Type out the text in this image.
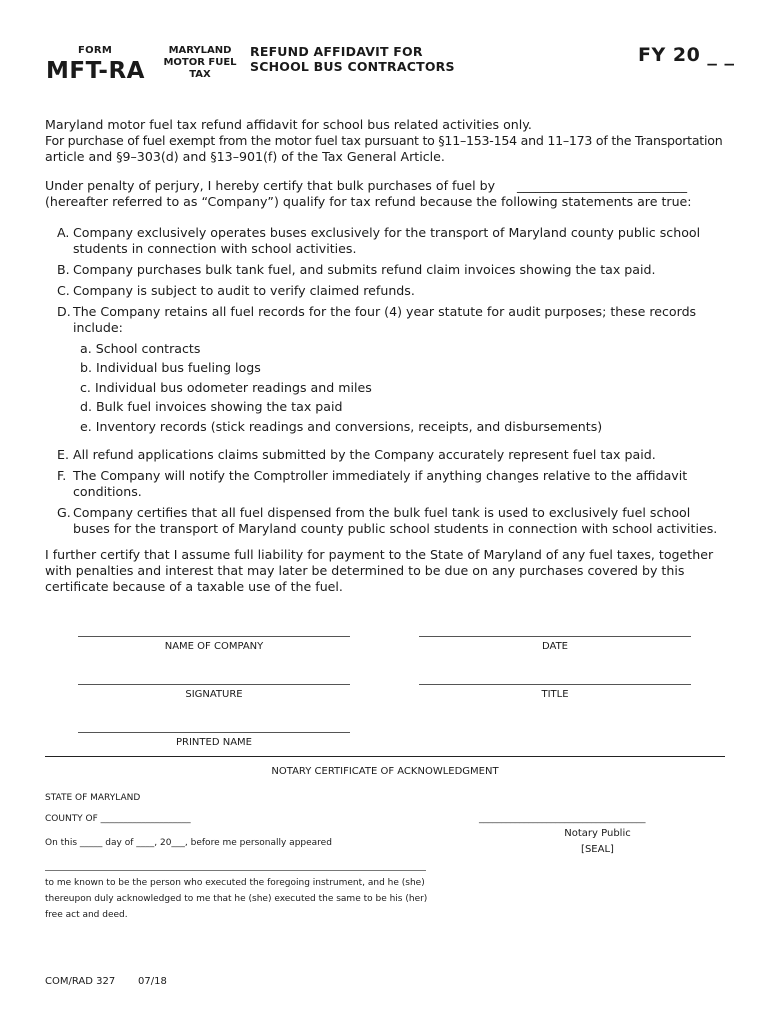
FORM
MFT-RA
MARYLAND
MOTOR FUEL
TAX
REFUND AFFIDAVIT FOR
SCHOOL BUS CONTRACTORS
FY 20 _ _
Maryland motor fuel tax refund affidavit for school bus related activities only.
For purchase of fuel exempt from the motor fuel tax pursuant to §11–153-154 and 11–173 of the Transportation
article and §9–303(d) and §13–901(f) of the Tax General Article.
Under penalty of perjury, I hereby certify that bulk purchases of fuel by ___________________________
(hereafter referred to as “Company”) qualify for tax refund because the following statements are true:
A. Company exclusively operates buses exclusively for the transport of Maryland county public school
students in connection with school activities.
B. Company purchases bulk tank fuel, and submits refund claim invoices showing the tax paid.
C. Company is subject to audit to verify claimed refunds.
D. The Company retains all fuel records for the four (4) year statute for audit purposes; these records
include:
a. School contracts
b. Individual bus fueling logs
c. Individual bus odometer readings and miles
d. Bulk fuel invoices showing the tax paid
e. Inventory records (stick readings and conversions, receipts, and disbursements)
E. All refund applications claims submitted by the Company accurately represent fuel tax paid.
F. The Company will notify the Comptroller immediately if anything changes relative to the affidavit
conditions.
G. Company certifies that all fuel dispensed from the bulk fuel tank is used to exclusively fuel school
buses for the transport of Maryland county public school students in connection with school activities.
I further certify that I assume full liability for payment to the State of Maryland of any fuel taxes, together
with penalties and interest that may later be determined to be due on any purchases covered by this
certificate because of a taxable use of the fuel.
NAME OF COMPANY	DATE
SIGNATURE	TITLE
PRINTED NAME
NOTARY CERTIFICATE OF ACKNOWLEDGMENT
STATE OF MARYLAND
COUNTY OF ____________________
On this _____ day of ____, 20___, before me personally appeared
_____________________________________
Notary Public
[SEAL]
to me known to be the person who executed the foregoing instrument, and he (she)
thereupon duly acknowledged to me that he (she) executed the same to be his (her)
free act and deed.
COM/RAD 327 07/18
